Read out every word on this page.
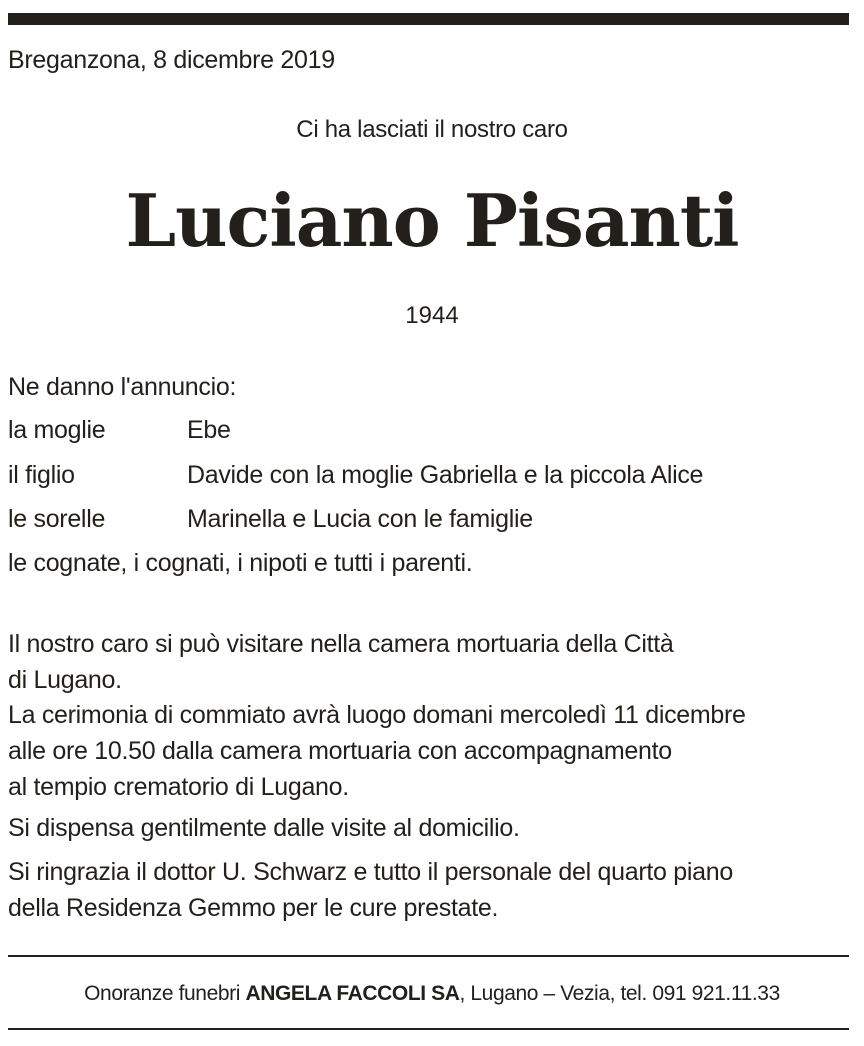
Breganzona, 8 dicembre 2019
Ci ha lasciati il nostro caro
Luciano Pisanti
1944
Ne danno l'annuncio:
la moglie	Ebe
il figlio	Davide con la moglie Gabriella e la piccola Alice
le sorelle	Marinella e Lucia con le famiglie
le cognate, i cognati, i nipoti e tutti i parenti.
Il nostro caro si può visitare nella camera mortuaria della Città
di Lugano.
La cerimonia di commiato avrà luogo domani mercoledì 11 dicembre
alle ore 10.50 dalla camera mortuaria con accompagnamento
al tempio crematorio di Lugano.
Si dispensa gentilmente dalle visite al domicilio.
Si ringrazia il dottor U. Schwarz e tutto il personale del quarto piano
della Residenza Gemmo per le cure prestate.
Onoranze funebri ANGELA FACCOLI SA, Lugano – Vezia, tel. 091 921.11.33
